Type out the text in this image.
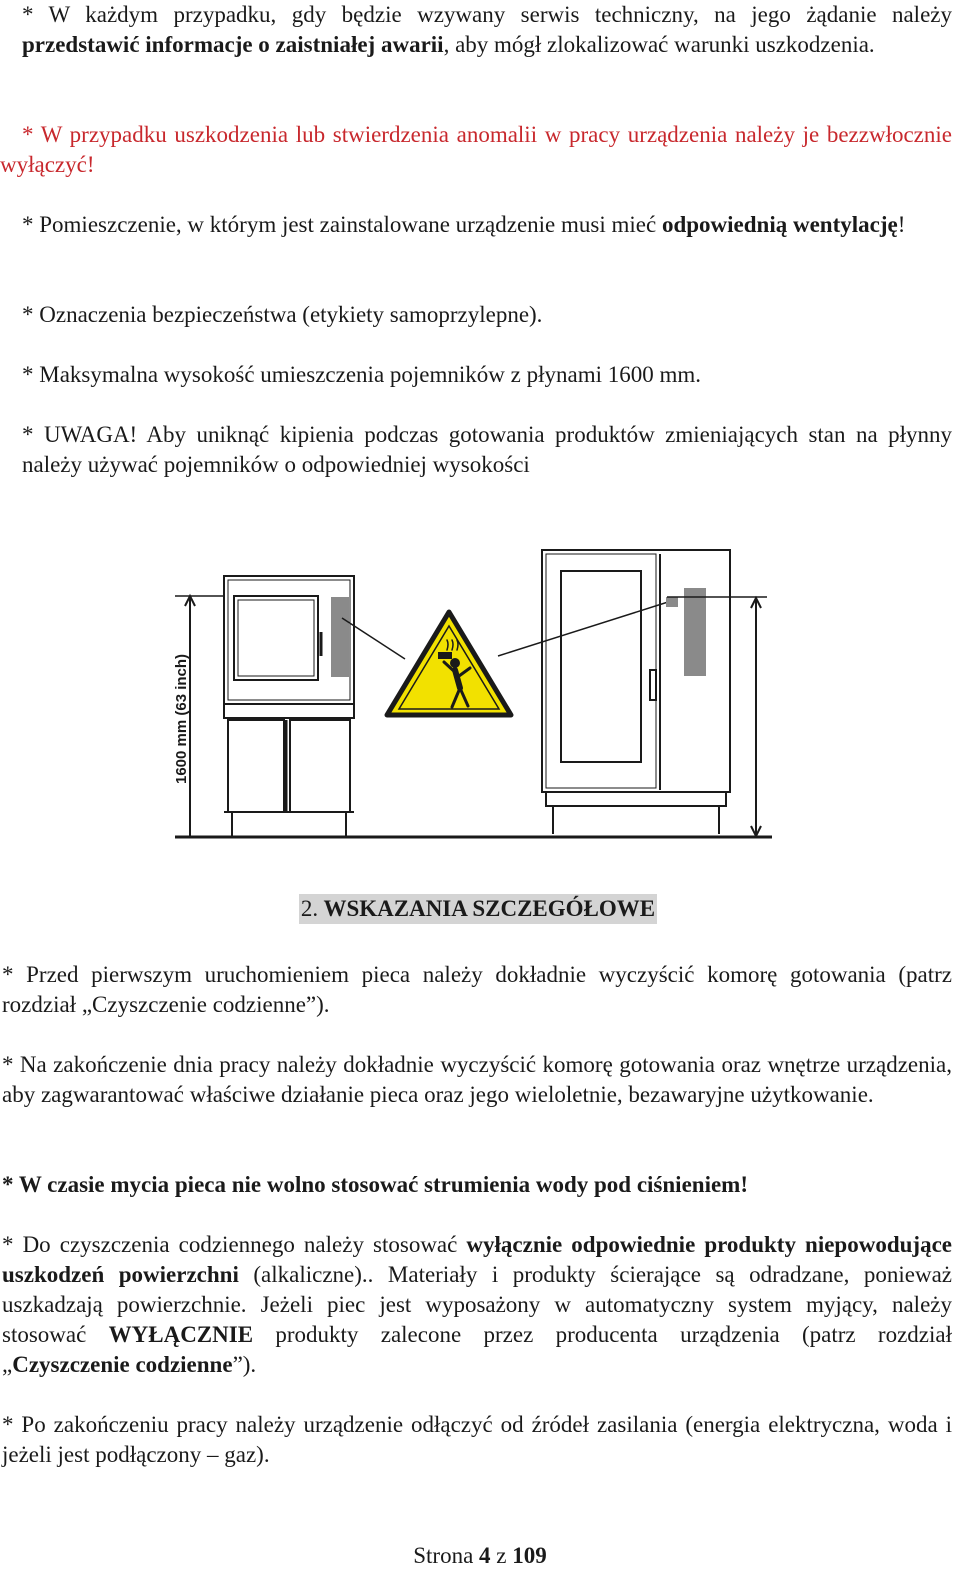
* W każdym przypadku, gdy będzie wzywany serwis techniczny, na jego żądanie należy przedstawić informacje o zaistniałej awarii, aby mógł zlokalizować warunki uszkodzenia.

* W przypadku uszkodzenia lub stwierdzenia anomalii w pracy urządzenia należy je bezzwłocznie wyłączyć!

* Pomieszczenie, w którym jest zainstalowane urządzenie musi mieć odpowiednią wentylację!

* Oznaczenia bezpieczeństwa (etykiety samoprzylepne).

* Maksymalna wysokość umieszczenia pojemników z płynami 1600 mm.

* UWAGA! Aby uniknąć kipienia podczas gotowania produktów zmieniających stan na płynny należy używać pojemników o odpowiedniej wysokości

1600 mm (63 inch)
2. WSKAZANIA SZCZEGÓŁOWE

* Przed pierwszym uruchomieniem pieca należy dokładnie wyczyścić komorę gotowania (patrz rozdział „Czyszczenie codzienne”).

* Na zakończenie dnia pracy należy dokładnie wyczyścić komorę gotowania oraz wnętrze urządzenia, aby zagwarantować właściwe działanie pieca oraz jego wieloletnie, bezawaryjne użytkowanie.

* W czasie mycia pieca nie wolno stosować strumienia wody pod ciśnieniem!

* Do czyszczenia codziennego należy stosować wyłącznie odpowiednie produkty niepowodujące uszkodzeń powierzchni (alkaliczne).. Materiały i produkty ścierające są odradzane, ponieważ uszkadzają powierzchnie. Jeżeli piec jest wyposażony w automatyczny system myjący, należy stosować WYŁĄCZNIE produkty zalecone przez producenta urządzenia (patrz rozdział „Czyszczenie codzienne”).

* Po zakończeniu pracy należy urządzenie odłączyć od źródeł zasilania (energia elektryczna, woda i jeżeli jest podłączony – gaz).

Strona 4 z 109
